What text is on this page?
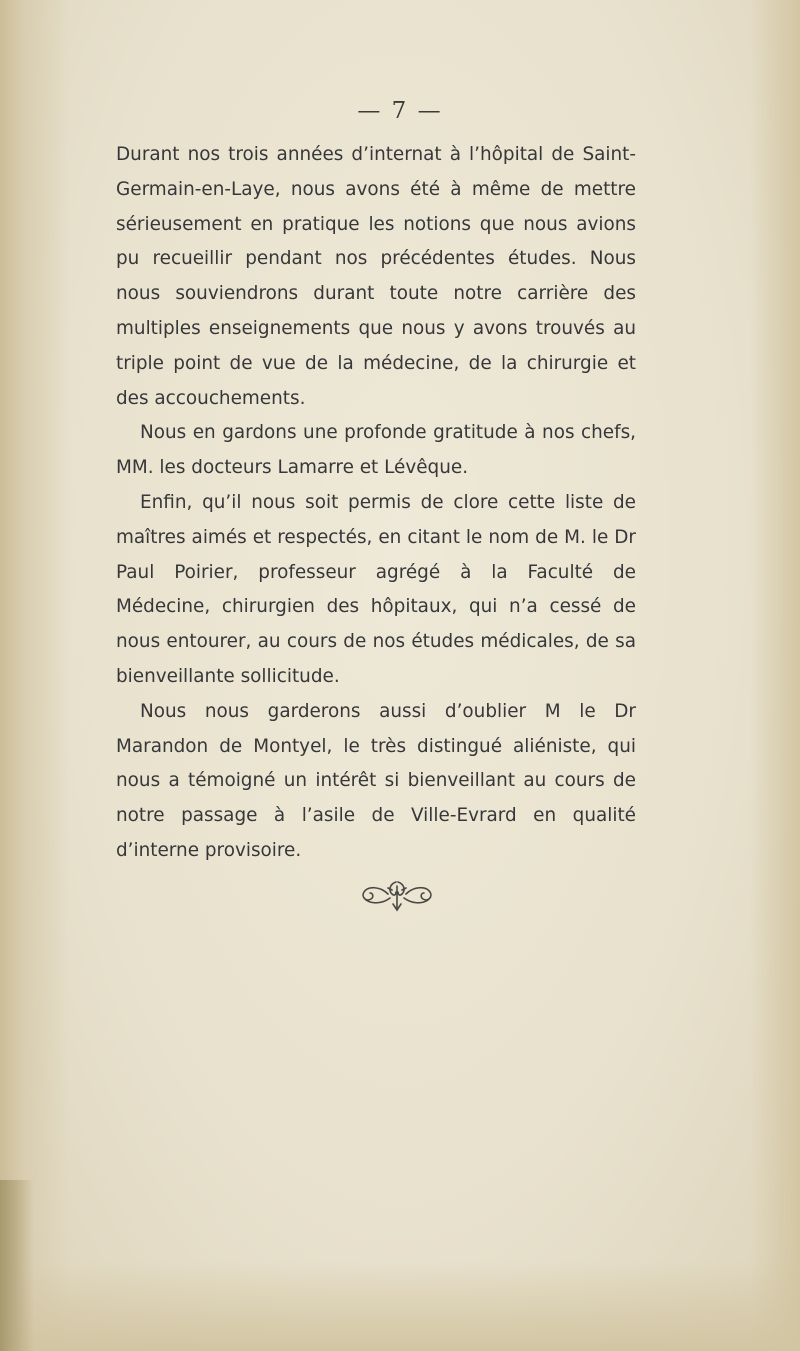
— 7 —

Durant nos trois années d’internat à l’hôpital de Saint-Germain-en-Laye, nous avons été à même de mettre sérieusement en pratique les notions que nous avions pu recueillir pendant nos précédentes études. Nous nous souviendrons durant toute notre carrière des multiples enseignements que nous y avons trouvés au triple point de vue de la médecine, de la chirurgie et des accouchements.

Nous en gardons une profonde gratitude à nos chefs, MM. les docteurs Lamarre et Lévêque.

Enfin, qu’il nous soit permis de clore cette liste de maîtres aimés et respectés, en citant le nom de M. le Dr Paul Poirier, professeur agrégé à la Faculté de Médecine, chirurgien des hôpitaux, qui n’a cessé de nous entourer, au cours de nos études médicales, de sa bienveillante sollicitude.

Nous nous garderons aussi d’oublier M le Dr Marandon de Montyel, le très distingué aliéniste, qui nous a témoigné un intérêt si bienveillant au cours de notre passage à l’asile de Ville-Evrard en qualité d’interne provisoire.
